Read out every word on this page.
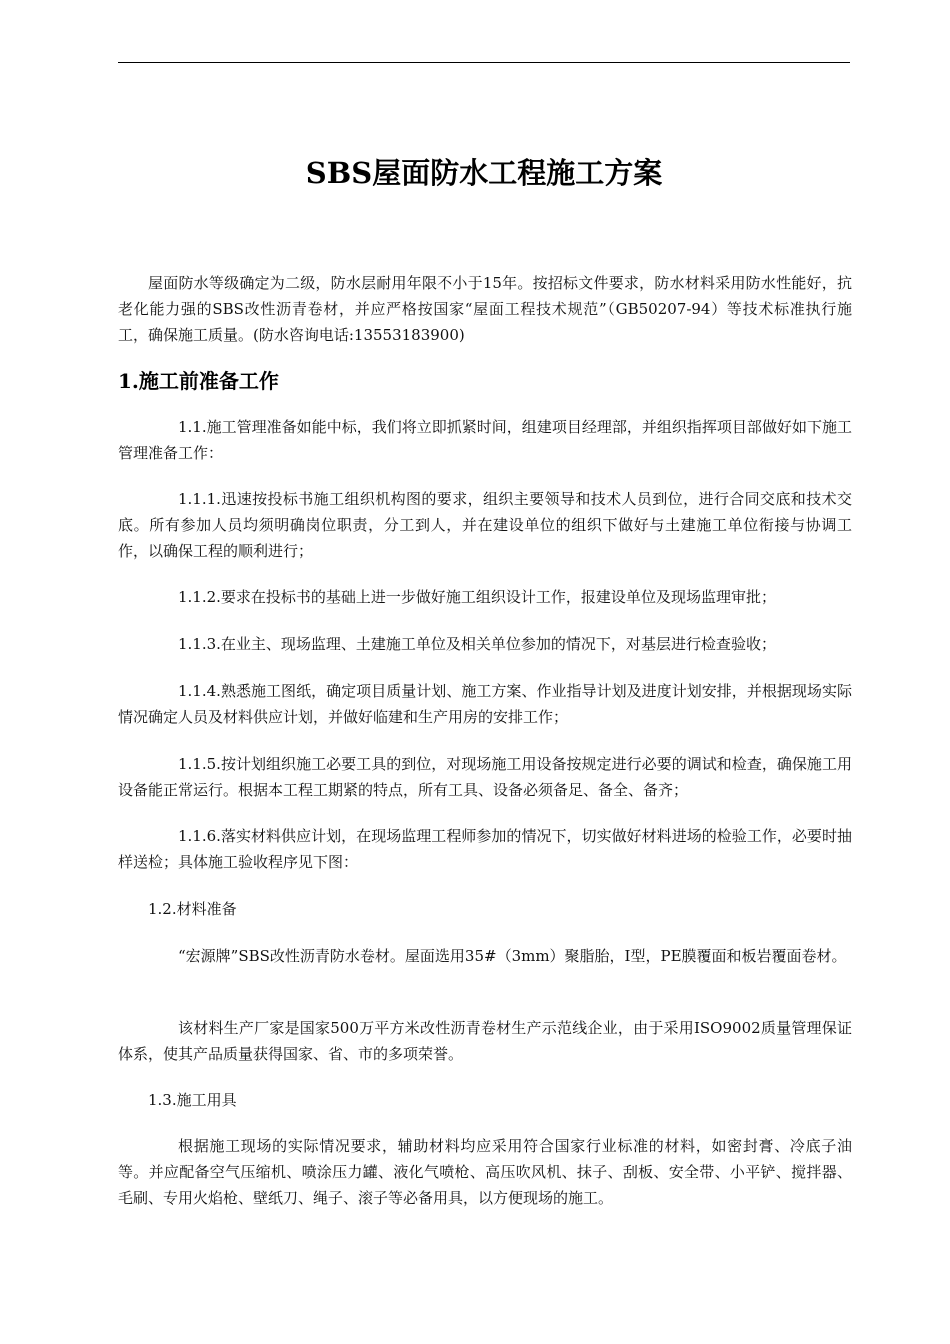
SBS屋面防水工程施工方案

屋面防水等级确定为二级，防水层耐用年限不小于15年。按招标文件要求，防水材料采用防水性能好，抗老化能力强的SBS改性沥青卷材，并应严格按国家“屋面工程技术规范”（GB50207-94）等技术标准执行施工，确保施工质量。(防水咨询电话:13553183900)

1.施工前准备工作

1.1.施工管理准备如能中标，我们将立即抓紧时间，组建项目经理部，并组织指挥项目部做好如下施工管理准备工作：

1.1.1.迅速按投标书施工组织机构图的要求，组织主要领导和技术人员到位，进行合同交底和技术交底。所有参加人员均须明确岗位职责，分工到人，并在建设单位的组织下做好与土建施工单位衔接与协调工作，以确保工程的顺利进行；

1.1.2.要求在投标书的基础上进一步做好施工组织设计工作，报建设单位及现场监理审批；

1.1.3.在业主、现场监理、土建施工单位及相关单位参加的情况下，对基层进行检查验收；

1.1.4.熟悉施工图纸，确定项目质量计划、施工方案、作业指导计划及进度计划安排，并根据现场实际情况确定人员及材料供应计划，并做好临建和生产用房的安排工作；

1.1.5.按计划组织施工必要工具的到位，对现场施工用设备按规定进行必要的调试和检查，确保施工用设备能正常运行。根据本工程工期紧的特点，所有工具、设备必须备足、备全、备齐；

1.1.6.落实材料供应计划，在现场监理工程师参加的情况下，切实做好材料进场的检验工作，必要时抽样送检；具体施工验收程序见下图：

1.2.材料准备

“宏源牌”SBS改性沥青防水卷材。屋面选用35#（3mm）聚脂胎，I型，PE膜覆面和板岩覆面卷材。

该材料生产厂家是国家500万平方米改性沥青卷材生产示范线企业，由于采用ISO9002质量管理保证体系，使其产品质量获得国家、省、市的多项荣誉。

1.3.施工用具

根据施工现场的实际情况要求，辅助材料均应采用符合国家行业标准的材料，如密封膏、冷底子油等。并应配备空气压缩机、喷涂压力罐、液化气喷枪、高压吹风机、抹子、刮板、安全带、小平铲、搅拌器、毛刷、专用火焰枪、壁纸刀、绳子、滚子等必备用具，以方便现场的施工。
